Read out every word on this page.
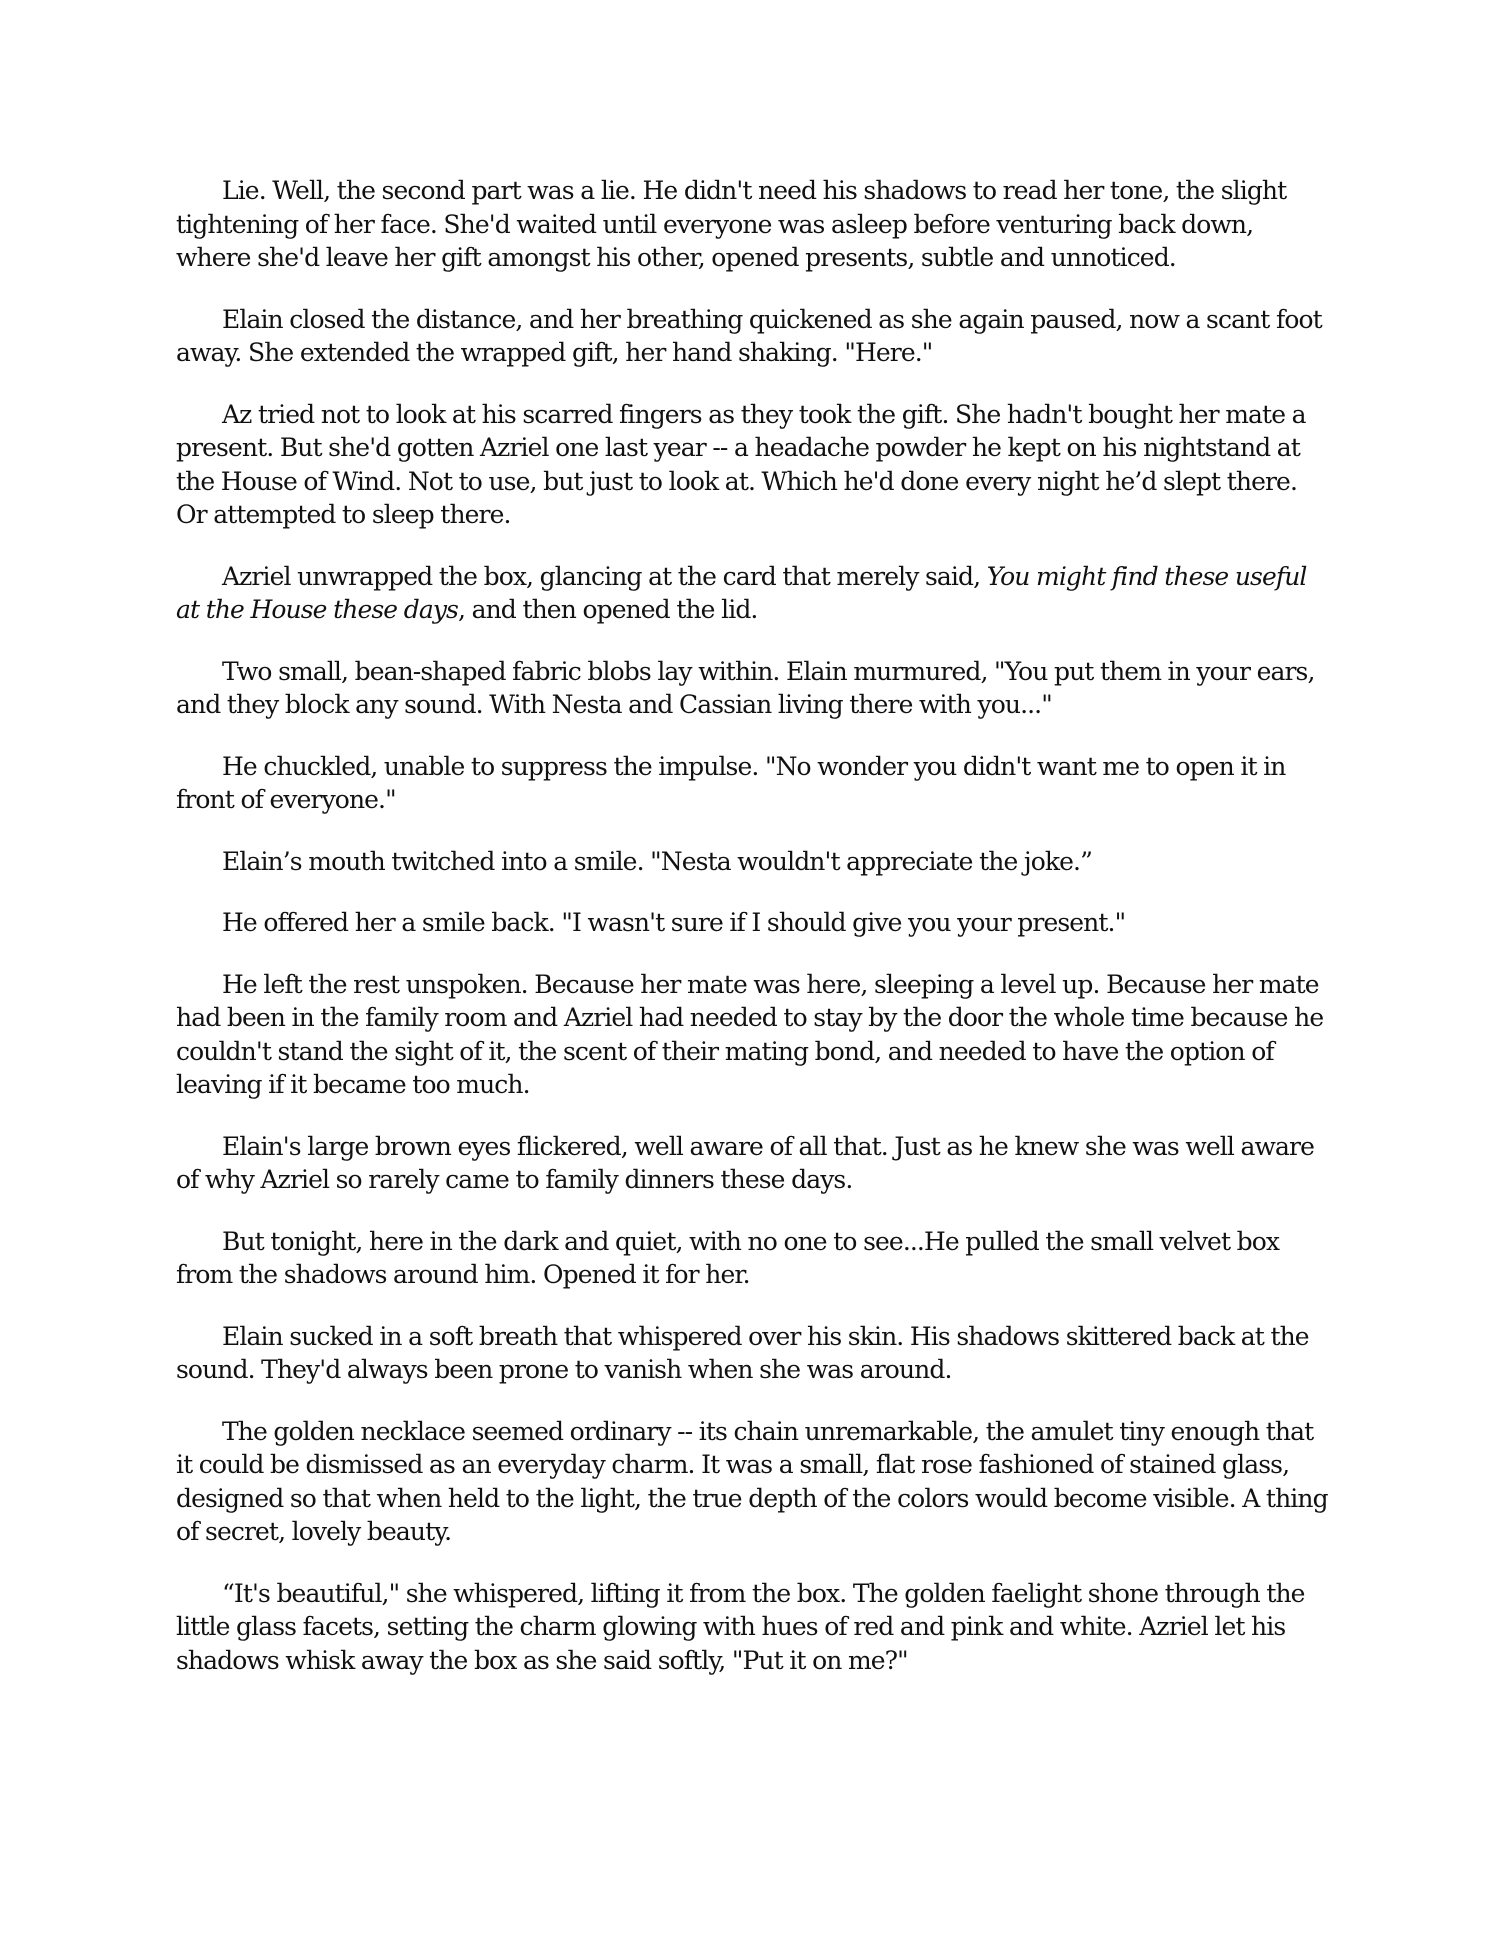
Lie. Well, the second part was a lie. He didn't need his shadows to read her tone, the slight tightening of her face. She'd waited until everyone was asleep before venturing back down, where she'd leave her gift amongst his other, opened presents, subtle and unnoticed.

Elain closed the distance, and her breathing quickened as she again paused, now a scant foot away. She extended the wrapped gift, her hand shaking. "Here."

Az tried not to look at his scarred fingers as they took the gift. She hadn't bought her mate a present. But she'd gotten Azriel one last year -- a headache powder he kept on his nightstand at the House of Wind. Not to use, but just to look at. Which he'd done every night he’d slept there. Or attempted to sleep there.

Azriel unwrapped the box, glancing at the card that merely said, You might find these useful at the House these days, and then opened the lid.

Two small, bean-shaped fabric blobs lay within. Elain murmured, "You put them in your ears, and they block any sound. With Nesta and Cassian living there with you..."

He chuckled, unable to suppress the impulse. "No wonder you didn't want me to open it in front of everyone."

Elain’s mouth twitched into a smile. "Nesta wouldn't appreciate the joke.”

He offered her a smile back. "I wasn't sure if I should give you your present."

He left the rest unspoken. Because her mate was here, sleeping a level up. Because her mate had been in the family room and Azriel had needed to stay by the door the whole time because he couldn't stand the sight of it, the scent of their mating bond, and needed to have the option of leaving if it became too much.

Elain's large brown eyes flickered, well aware of all that. Just as he knew she was well aware of why Azriel so rarely came to family dinners these days.

But tonight, here in the dark and quiet, with no one to see...He pulled the small velvet box from the shadows around him. Opened it for her.

Elain sucked in a soft breath that whispered over his skin. His shadows skittered back at the sound. They'd always been prone to vanish when she was around.

The golden necklace seemed ordinary -- its chain unremarkable, the amulet tiny enough that it could be dismissed as an everyday charm. It was a small, flat rose fashioned of stained glass, designed so that when held to the light, the true depth of the colors would become visible. A thing of secret, lovely beauty.

“It's beautiful," she whispered, lifting it from the box. The golden faelight shone through the little glass facets, setting the charm glowing with hues of red and pink and white. Azriel let his shadows whisk away the box as she said softly, "Put it on me?"
